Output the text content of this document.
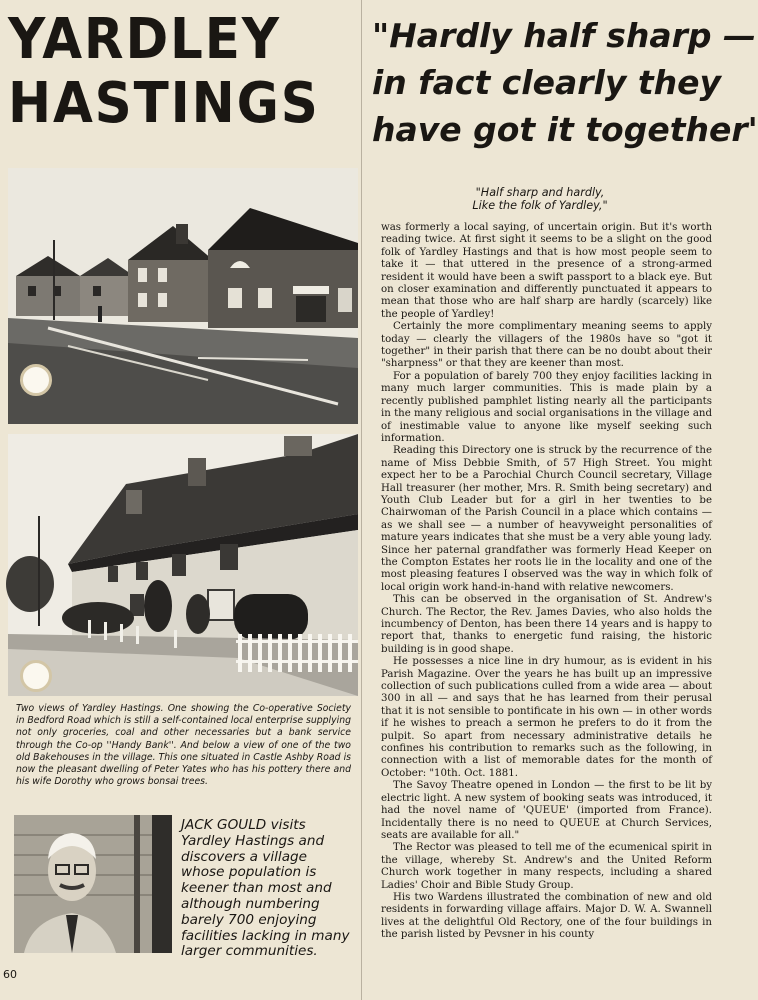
YARDLEY
HASTINGS
"Hardly half sharp —
in fact clearly they
have got it together'

Two views of Yardley Hastings. One showing the Co-operative Society in Bedford Road which is still a self-contained local enterprise supplying not only groceries, coal and other necessaries but a bank service through the Co-op ''Handy Bank''. And below a view of one of the two old Bakehouses in the village. This one situated in Castle Ashby Road is now the pleasant dwelling of Peter Yates who has his pottery there and his wife Dorothy who grows bonsai trees.

JACK GOULD visits Yardley Hastings and discovers a village whose population is keener than most and although numbering barely 700 enjoying facilities lacking in many larger communities.

"Half sharp and hardly,
Like the folk of Yardley,"

was formerly a local saying, of uncertain origin. But it's worth reading twice. At first sight it seems to be a slight on the good folk of Yardley Hastings and that is how most people seem to take it — that uttered in the presence of a strong-armed resident it would have been a swift passport to a black eye. But on closer examination and differently punctuated it appears to mean that those who are half sharp are hardly (scarcely) like the people of Yardley!

Certainly the more complimentary meaning seems to apply today — clearly the villagers of the 1980s have so "got it together" in their parish that there can be no doubt about their "sharpness" or that they are keener than most.

For a population of barely 700 they enjoy facilities lacking in many much larger communities. This is made plain by a recently published pamphlet listing nearly all the participants in the many religious and social organisations in the village and of inestimable value to anyone like myself seeking such information.

Reading this Directory one is struck by the recurrence of the name of Miss Debbie Smith, of 57 High Street. You might expect her to be a Parochial Church Council secretary, Village Hall treasurer (her mother, Mrs. R. Smith being secretary) and Youth Club Leader but for a girl in her twenties to be Chairwoman of the Parish Council in a place which contains — as we shall see — a number of heavyweight personalities of mature years indicates that she must be a very able young lady. Since her paternal grandfather was formerly Head Keeper on the Compton Estates her roots lie in the locality and one of the most pleasing features I observed was the way in which folk of local origin work hand-in-hand with relative newcomers.

This can be observed in the organisation of St. Andrew's Church. The Rector, the Rev. James Davies, who also holds the incumbency of Denton, has been there 14 years and is happy to report that, thanks to energetic fund raising, the historic building is in good shape.

He possesses a nice line in dry humour, as is evident in his Parish Magazine. Over the years he has built up an impressive collection of such publications culled from a wide area — about 300 in all — and says that he has learned from their perusal that it is not sensible to pontificate in his own — in other words if he wishes to preach a sermon he prefers to do it from the pulpit. So apart from necessary administrative details he confines his contribution to remarks such as the following, in connection with a list of memorable dates for the month of October: "10th. Oct. 1881.

The Savoy Theatre opened in London — the first to be lit by electric light. A new system of booking seats was introduced, it had the novel name of 'QUEUE' (imported from France). Incidentally there is no need to QUEUE at Church Services, seats are available for all."

The Rector was pleased to tell me of the ecumenical spirit in the village, whereby St. Andrew's and the United Reform Church work together in many respects, including a shared Ladies' Choir and Bible Study Group.

His two Wardens illustrated the combination of new and old residents in forwarding village affairs. Major D. W. A. Swannell lives at the delightful Old Rectory, one of the four buildings in the parish listed by Pevsner in his county

60
